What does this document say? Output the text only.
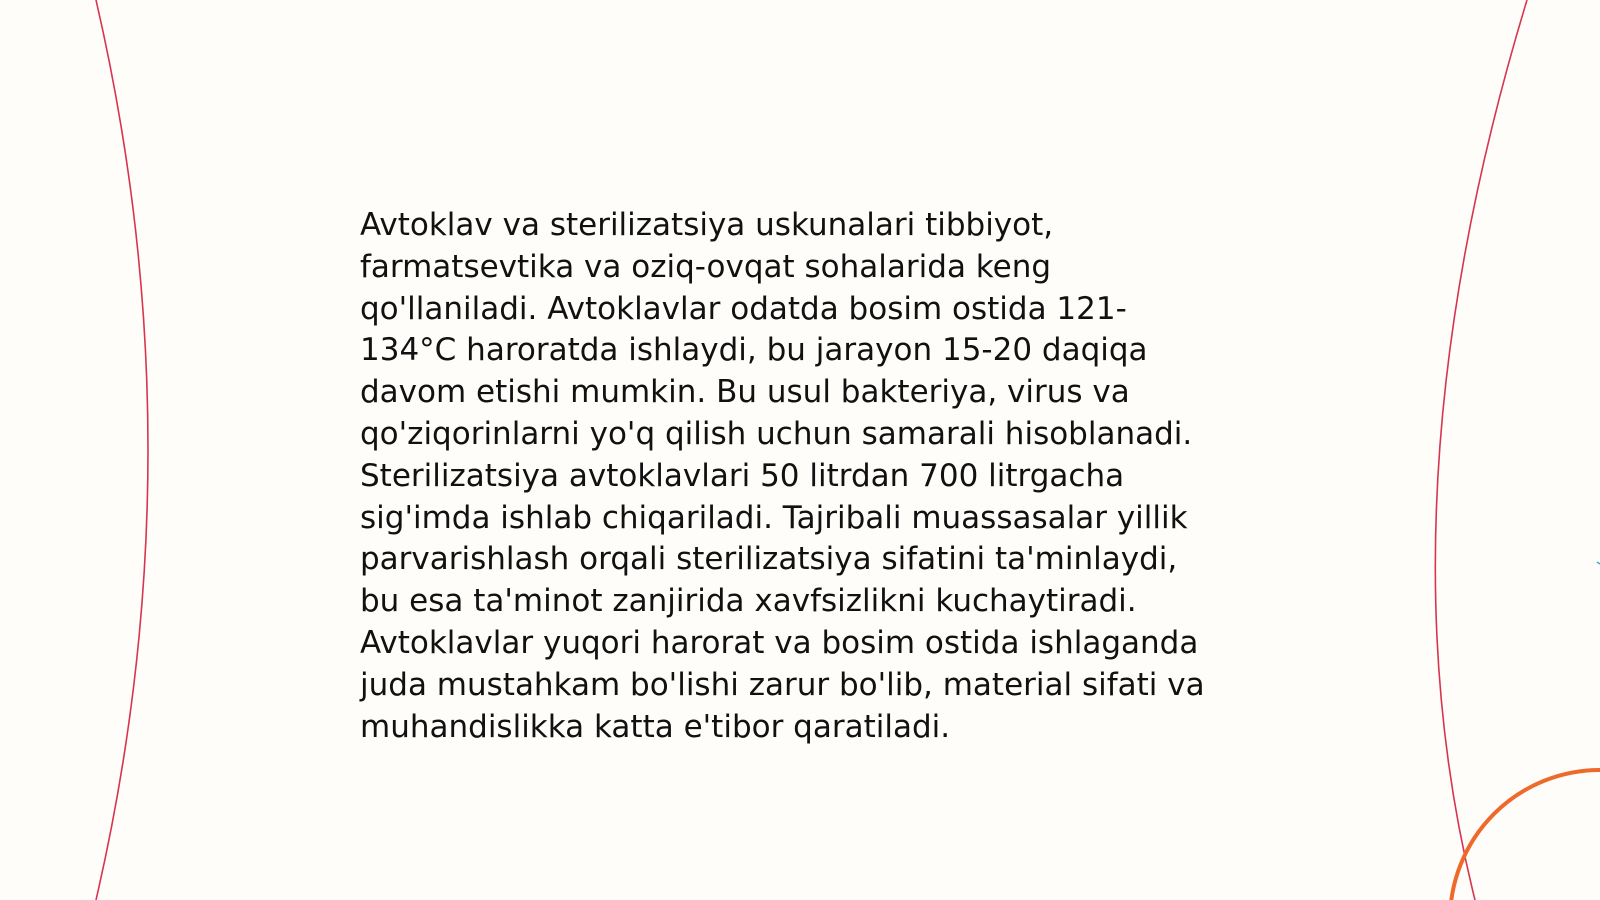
Avtoklav va sterilizatsiya uskunalari tibbiyot,
farmatsevtika va oziq-ovqat sohalarida keng
qo'llaniladi. Avtoklavlar odatda bosim ostida 121-
134°C haroratda ishlaydi, bu jarayon 15-20 daqiqa
davom etishi mumkin. Bu usul bakteriya, virus va
qo'ziqorinlarni yo'q qilish uchun samarali hisoblanadi.
Sterilizatsiya avtoklavlari 50 litrdan 700 litrgacha
sig'imda ishlab chiqariladi. Tajribali muassasalar yillik
parvarishlash orqali sterilizatsiya sifatini ta'minlaydi,
bu esa ta'minot zanjirida xavfsizlikni kuchaytiradi.
Avtoklavlar yuqori harorat va bosim ostida ishlaganda
juda mustahkam bo'lishi zarur bo'lib, material sifati va
muhandislikka katta e'tibor qaratiladi.
